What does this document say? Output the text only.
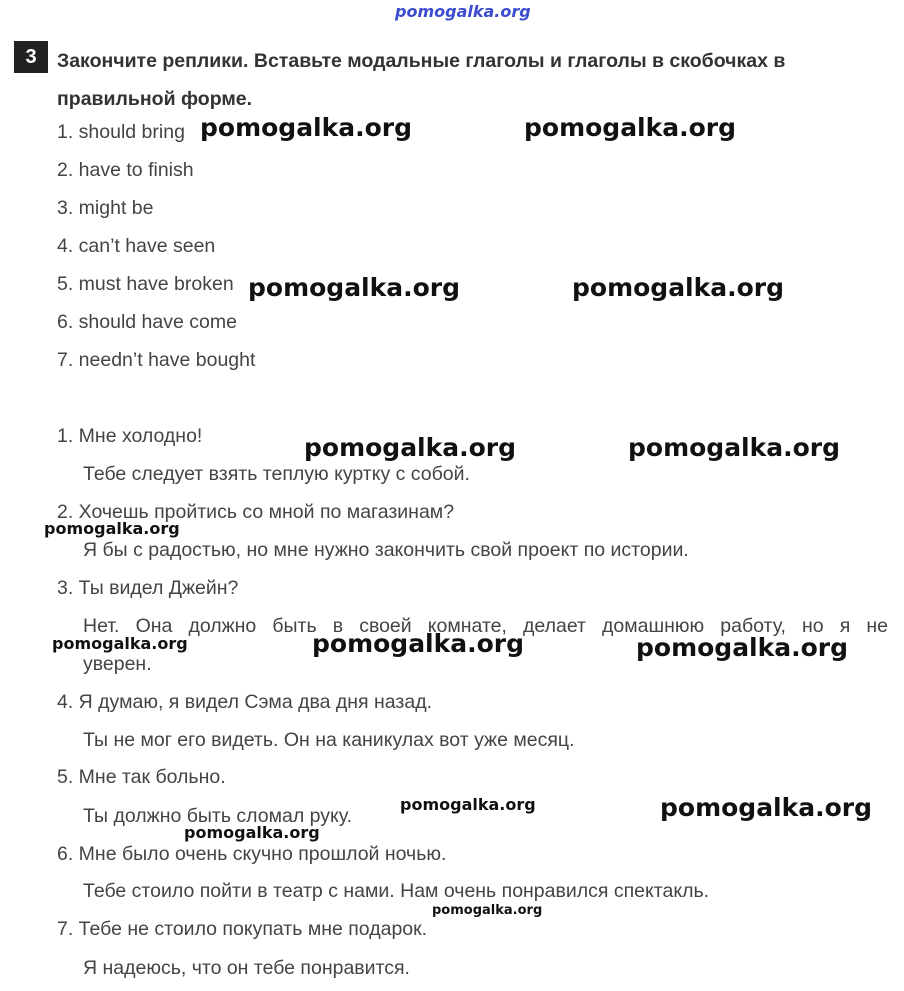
pomogalka.org
3	Закончите реплики. Вставьте модальные глаголы и глаголы в скобочках в
правильной форме.
1. should bring
2. have to finish
3. might be
4. can’t have seen
5. must have broken
6. should have come
7. needn’t have bought
1. Мне холодно!
Тебе следует взять теплую куртку с собой.
2. Хочешь пройтись со мной по магазинам?
Я бы с радостью, но мне нужно закончить свой проект по истории.
3. Ты видел Джейн?
Нет. Она должно быть в своей комнате, делает домашнюю работу, но я не
уверен.
4. Я думаю, я видел Сэма два дня назад.
Ты не мог его видеть. Он на каникулах вот уже месяц.
5. Мне так больно.
Ты должно быть сломал руку.
6. Мне было очень скучно прошлой ночью.
Тебе стоило пойти в театр с нами. Нам очень понравился спектакль.
7. Тебе не стоило покупать мне подарок.
Я надеюсь, что он тебе понравится.
pomogalka.org	pomogalka.org
pomogalka.org	pomogalka.org
pomogalka.org	pomogalka.org
pomogalka.org
pomogalka.org	pomogalka.org	pomogalka.org
pomogalka.org	pomogalka.org
pomogalka.org
pomogalka.org
